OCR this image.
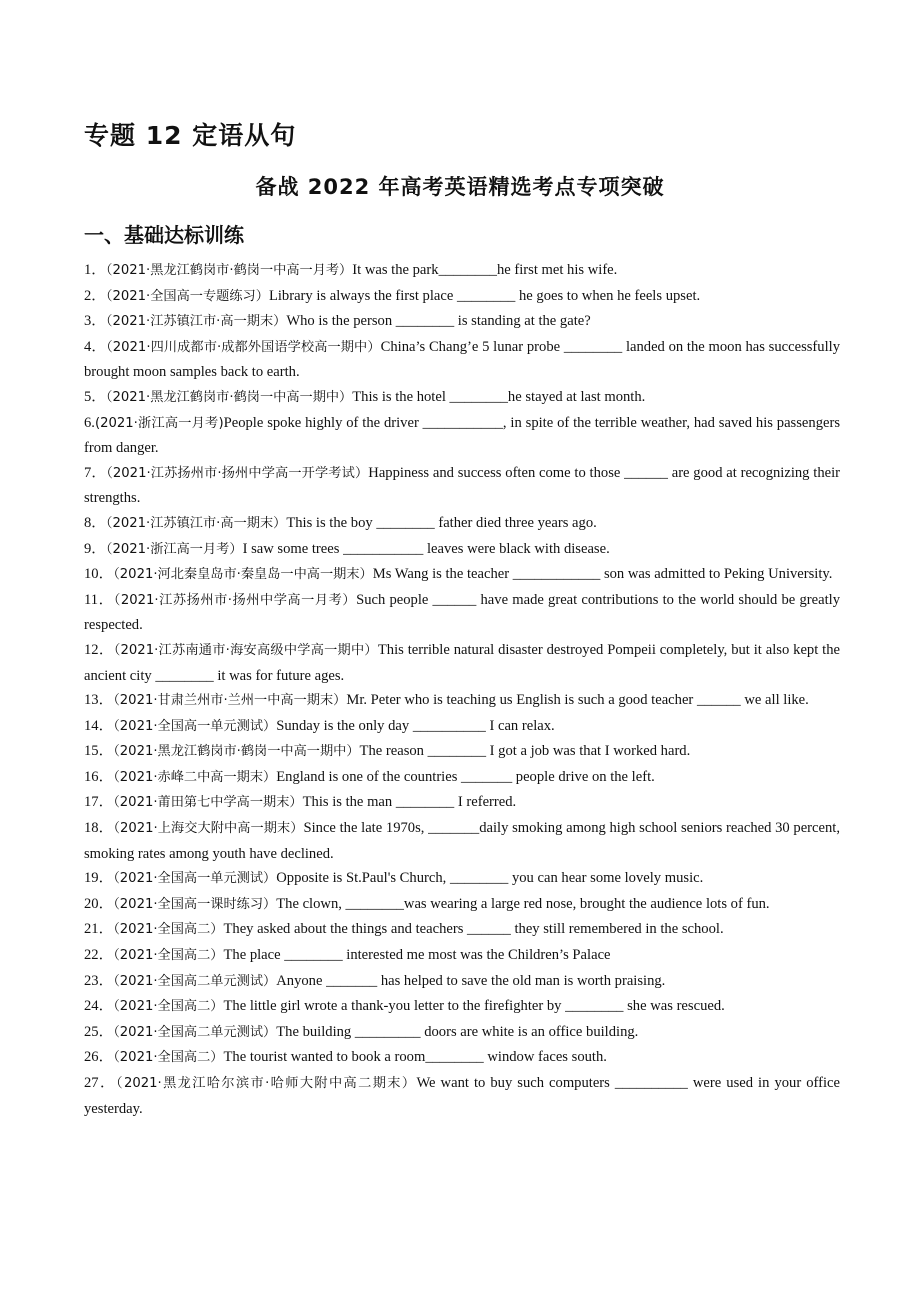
专题 12 定语从句
备战 2022 年高考英语精选考点专项突破
一、基础达标训练
1．（2021·黑龙江鹤岗市·鹤岗一中高一月考）It was the park________he first met his wife.
2．（2021·全国高一专题练习）Library is always the first place ________ he goes to when he feels upset.
3．（2021·江苏镇江市·高一期末）Who is the person ________ is standing at the gate?
4．（2021·四川成都市·成都外国语学校高一期中）China’s Chang’e 5 lunar probe ________ landed on the moon has successfully brought moon samples back to earth.
5．（2021·黑龙江鹤岗市·鹤岗一中高一期中）This is the hotel ________he stayed at last month.
6.(2021·浙江高一月考)People spoke highly of the driver ___________, in spite of the terrible weather, had saved his passengers from danger.
7．（2021·江苏扬州市·扬州中学高一开学考试）Happiness and success often come to those ______ are good at recognizing their strengths.
8．（2021·江苏镇江市·高一期末）This is the boy ________ father died three years ago.
9．（2021·浙江高一月考）I saw some trees ___________ leaves were black with disease.
10．（2021·河北秦皇岛市·秦皇岛一中高一期末）Ms Wang is the teacher ____________ son was admitted to Peking University.
11．（2021·江苏扬州市·扬州中学高一月考）Such people ______ have made great contributions to the world should be greatly respected.
12．（2021·江苏南通市·海安高级中学高一期中）This terrible natural disaster destroyed Pompeii completely, but it also kept the ancient city ________ it was for future ages.
13．（2021·甘肃兰州市·兰州一中高一期末）Mr. Peter who is teaching us English is such a good teacher ______ we all like.
14．（2021·全国高一单元测试）Sunday is the only day __________ I can relax.
15．（2021·黑龙江鹤岗市·鹤岗一中高一期中）The reason ________ I got a job was that I worked hard.
16．（2021·赤峰二中高一期末）England is one of the countries _______ people drive on the left.
17．（2021·莆田第七中学高一期末）This is the man ________ I referred.
18．（2021·上海交大附中高一期末）Since the late 1970s, _______daily smoking among high school seniors reached 30 percent, smoking rates among youth have declined.
19．（2021·全国高一单元测试）Opposite is St.Paul's Church, ________ you can hear some lovely music.
20．（2021·全国高一课时练习）The clown, ________was wearing a large red nose, brought the audience lots of fun.
21．（2021·全国高二）They asked about the things and teachers ______ they still remembered in the school.
22．（2021·全国高二）The place ________ interested me most was the Children’s Palace
23．（2021·全国高二单元测试）Anyone _______ has helped to save the old man is worth praising.
24．（2021·全国高二）The little girl wrote a thank-you letter to the firefighter by ________ she was rescued.
25．（2021·全国高二单元测试）The building _________ doors are white is an office building.
26．（2021·全国高二）The tourist wanted to book a room________ window faces south.
27．（2021·黑龙江哈尔滨市·哈师大附中高二期末）We want to buy such computers __________ were used in your office yesterday.
